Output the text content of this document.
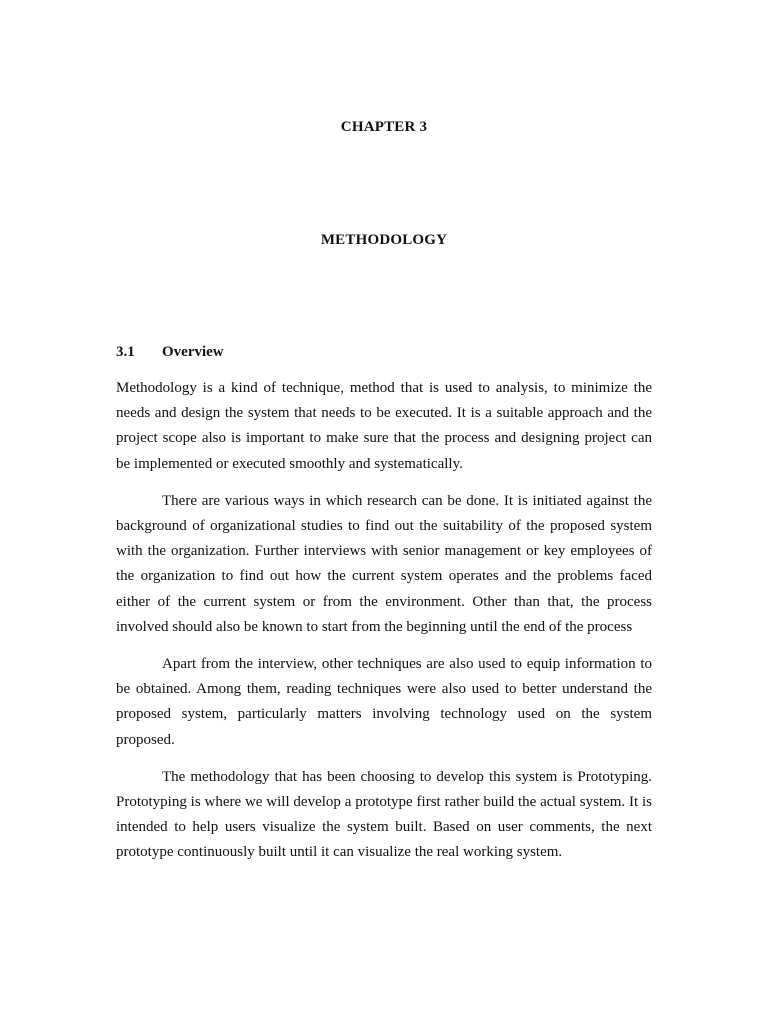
CHAPTER 3
METHODOLOGY
3.1 Overview

Methodology is a kind of technique, method that is used to analysis, to minimize the needs and design the system that needs to be executed. It is a suitable approach and the project scope also is important to make sure that the process and designing project can be implemented or executed smoothly and systematically.

There are various ways in which research can be done. It is initiated against the background of organizational studies to find out the suitability of the proposed system with the organization. Further interviews with senior management or key employees of the organization to find out how the current system operates and the problems faced either of the current system or from the environment. Other than that, the process involved should also be known to start from the beginning until the end of the process

Apart from the interview, other techniques are also used to equip information to be obtained. Among them, reading techniques were also used to better understand the proposed system, particularly matters involving technology used on the system proposed.

The methodology that has been choosing to develop this system is Prototyping. Prototyping is where we will develop a prototype first rather build the actual system. It is intended to help users visualize the system built. Based on user comments, the next prototype continuously built until it can visualize the real working system.
